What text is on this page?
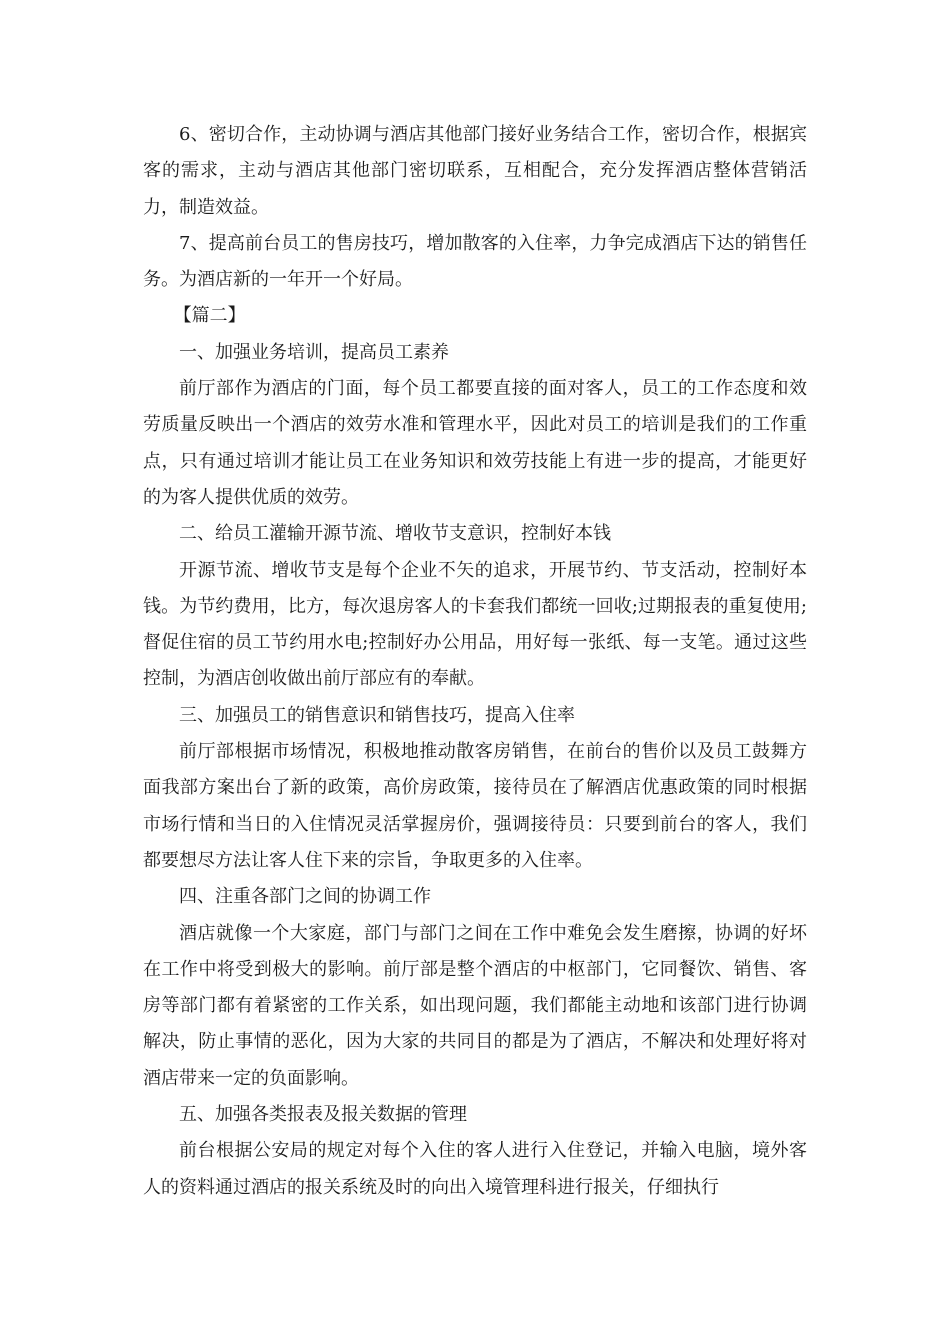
6、密切合作，主动协调与酒店其他部门接好业务结合工作，密切合作，根据宾客的需求，主动与酒店其他部门密切联系，互相配合，充分发挥酒店整体营销活力，制造效益。

7、提高前台员工的售房技巧，增加散客的入住率，力争完成酒店下达的销售任务。为酒店新的一年开一个好局。

【篇二】

一、加强业务培训，提高员工素养

前厅部作为酒店的门面，每个员工都要直接的面对客人，员工的工作态度和效劳质量反映出一个酒店的效劳水准和管理水平，因此对员工的培训是我们的工作重点，只有通过培训才能让员工在业务知识和效劳技能上有进一步的提高，才能更好的为客人提供优质的效劳。

二、给员工灌输开源节流、增收节支意识，控制好本钱

开源节流、增收节支是每个企业不矢的追求，开展节约、节支活动，控制好本钱。为节约费用，比方，每次退房客人的卡套我们都统一回收;过期报表的重复使用;督促住宿的员工节约用水电;控制好办公用品，用好每一张纸、每一支笔。通过这些控制，为酒店创收做出前厅部应有的奉献。

三、加强员工的销售意识和销售技巧，提高入住率

前厅部根据市场情况，积极地推动散客房销售，在前台的售价以及员工鼓舞方面我部方案出台了新的政策，高价房政策，接待员在了解酒店优惠政策的同时根据市场行情和当日的入住情况灵活掌握房价，强调接待员：只要到前台的客人，我们都要想尽方法让客人住下来的宗旨，争取更多的入住率。

四、注重各部门之间的协调工作

酒店就像一个大家庭，部门与部门之间在工作中难免会发生磨擦，协调的好坏在工作中将受到极大的影响。前厅部是整个酒店的中枢部门，它同餐饮、销售、客房等部门都有着紧密的工作关系，如出现问题，我们都能主动地和该部门进行协调解决，防止事情的恶化，因为大家的共同目的都是为了酒店，不解决和处理好将对酒店带来一定的负面影响。

五、加强各类报表及报关数据的管理

前台根据公安局的规定对每个入住的客人进行入住登记，并输入电脑，境外客人的资料通过酒店的报关系统及时的向出入境管理科进行报关，仔细执行
